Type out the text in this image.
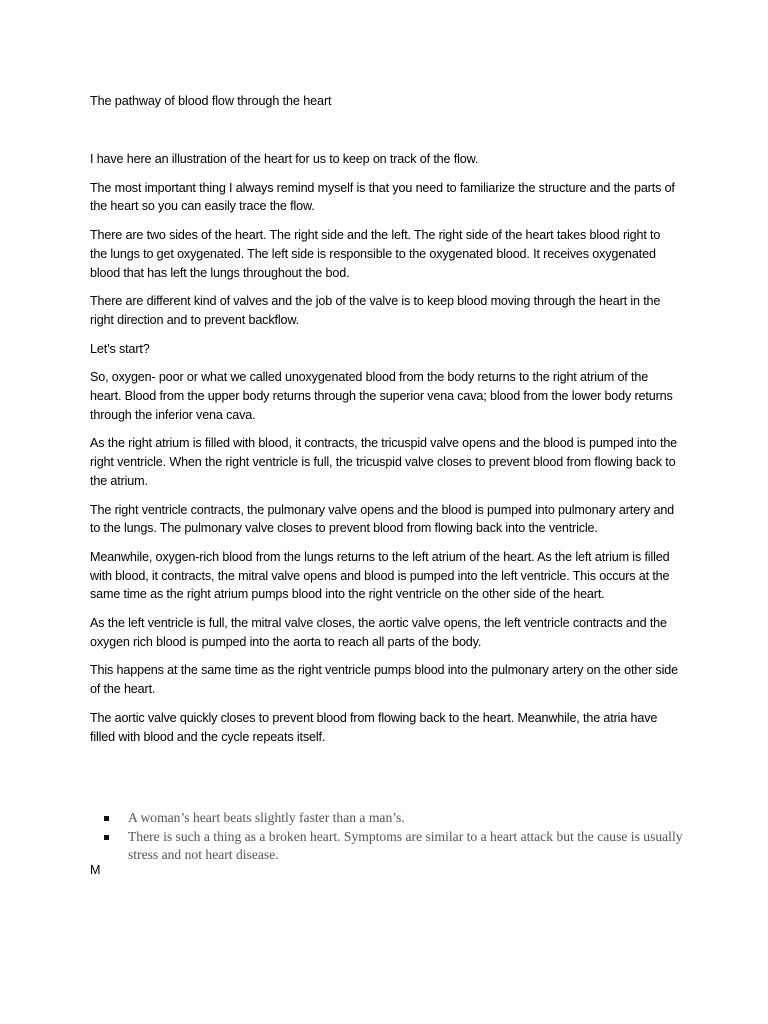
The pathway of blood flow through the heart

I have here an illustration of the heart for us to keep on track of the flow.

The most important thing I always remind myself is that you need to familiarize the structure and the parts of the heart so you can easily trace the flow.

There are two sides of the heart. The right side and the left. The right side of the heart takes blood right to the lungs to get oxygenated. The left side is responsible to the oxygenated blood. It receives oxygenated blood that has left the lungs throughout the bod.

There are different kind of valves and the job of the valve is to keep blood moving through the heart in the right direction and to prevent backflow.

Let’s start?

So, oxygen- poor or what we called unoxygenated blood from the body returns to the right atrium of the heart. Blood from the upper body returns through the superior vena cava; blood from the lower body returns through the inferior vena cava.

As the right atrium is filled with blood, it contracts, the tricuspid valve opens and the blood is pumped into the right ventricle. When the right ventricle is full, the tricuspid valve closes to prevent blood from flowing back to the atrium.

The right ventricle contracts, the pulmonary valve opens and the blood is pumped into pulmonary artery and to the lungs. The pulmonary valve closes to prevent blood from flowing back into the ventricle.

Meanwhile, oxygen-rich blood from the lungs returns to the left atrium of the heart. As the left atrium is filled with blood, it contracts, the mitral valve opens and blood is pumped into the left ventricle. This occurs at the same time as the right atrium pumps blood into the right ventricle on the other side of the heart.

As the left ventricle is full, the mitral valve closes, the aortic valve opens, the left ventricle contracts and the oxygen rich blood is pumped into the aorta to reach all parts of the body.

This happens at the same time as the right ventricle pumps blood into the pulmonary artery on the other side of the heart.

The aortic valve quickly closes to prevent blood from flowing back to the heart. Meanwhile, the atria have filled with blood and the cycle repeats itself.

A woman’s heart beats slightly faster than a man’s.
There is such a thing as a broken heart. Symptoms are similar to a heart attack but the cause is usually stress and not heart disease.
M
